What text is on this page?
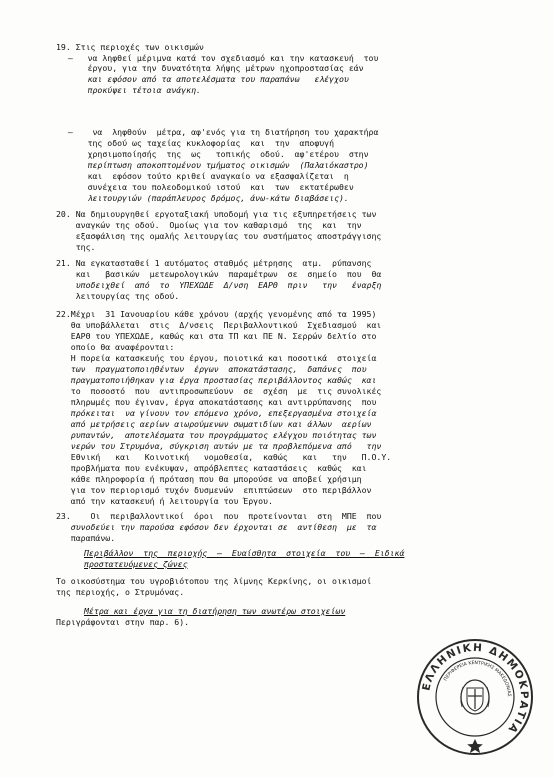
19. Στις περιοχές των οικισμών
–   να ληφθεί μέριμνα κατά τον σχεδιασμό και την κατασκευή  του
έργου, για την δυνατότητα λήψης μέτρων ηχοπροστασίας εάν
και εφόσον από τα αποτελέσματα του παραπάνω   ελέγχου
προκύψει τέτοια ανάγκη.
–    να  ληφθούν  μέτρα, αφ'ενός για τη διατήρηση του χαρακτήρα
της οδού ως ταχείας κυκλοφορίας  και  την  αποφυγή
χρησιμοποίησής  της  ως   τοπικής  οδού.  αφ'ετέρου  στην
περίπτωση αποκοπτομένου τμήματος οικισμών  (Παλαιόκαστρο)
και  εφόσον τούτο κριθεί αναγκαίο να εξασφαλίζεται  η
συνέχεια του πολεοδομικού ιστού  και  των  εκτατέρωθεν
λειτουργιών (παράπλευρος δρόμος, άνω-κάτω διαβάσεις).
20. Να δημιουργηθεί εργοταξιακή υποδομή για τις εξυπηρετήσεις των
αναγκών της οδού.  Ομοίως για τον καθαρισμό  της  και  την
εξασφάλιση της ομαλής λειτουργίας του συστήματος αποστράγγισης
της.
21. Να εγκατασταθεί 1 αυτόματος σταθμός μέτρησης  ατμ.  ρύπανσης
και   βασικών  μετεωρολογικών  παραμέτρων  σε  σημείο  που  θα
υποδειχθεί  από  το  ΥΠΕΧΩΔΕ  Δ/νση  ΕΑΡΘ  πριν   την   έναρξη
λειτουργίας της οδού.
22.Μέχρι  31 Ιανουαρίου κάθε χρόνου (αρχής γενομένης από τα 1995)
θα υποβάλλεται  στις  Δ/νσεις  Περιβαλλοντικού  Σχεδιασμού  και
ΕΑΡΘ του ΥΠΕΧΩΔΕ, καθώς και στα ΤΠ και ΠΕ Ν. Σερρών δελτίο στο
οποίο θα αναφέρονται:
Η πορεία κατασκευής του έργου, ποιοτικά και ποσοτικά  στοιχεία
των  πραγματοποιηθέντων  έργων  αποκατάστασης,  δαπάνες  που
πραγματοποιήθηκαν για έργα προστασίας περιβάλλοντος καθώς  και
το  ποσοστό  που  αντιπροσωπεύουν  σε  σχέση  με  τις συνολικές
πληρωμές που έγιναν, έργα αποκατάστασης και αντιρρύπανσης  που
πρόκειται  να γίνουν τον επόμενο χρόνο, επεξεργασμένα στοιχεία
από μετρήσεις αερίων αιωρούμενων σωματιδίων και άλλων  αερίων
ρυπαντών,  αποτελέσματα του προγράμματος ελέγχου ποιότητας των
νερών του Στρυμόνα, σύγκριση αυτών με τα προβλεπόμενα από   την
Εθνική   και   Κοινοτική   νομοθεσία,  καθώς   και   την   Π.Ο.Υ.
προβλήματα που ενέκυψαν, απρόβλεπτες καταστάσεις  καθώς  και
κάθε πληροφορία ή πρόταση που θα μπορούσε να αποβεί χρήσιμη
για τον περιορισμό τυχόν δυσμενών  επιπτώσεων  στο περιβάλλον
από την κατασκευή ή λειτουργία του Έργου.
23.    Οι  περιβαλλοντικοί  όροι  που  προτείνονται  στη  ΜΠΕ  που
συνοδεύει την παρούσα εφόσον δεν έρχονται σε  αντίθεση  με  τα
παραπάνω.
Περιβάλλον  της  περιοχής  –  Ευαίσθητα  στοιχεία  του  –  Ειδικά
προστατευόμενες ζώνες
Το οικοσύστημα του υγροβιότοπου της λίμνης Κερκίνης, οι οικισμοί
της περιοχής, ο Στρυμόνας.
Μέτρα και έργα για τη διατήρηση των ανωτέρω στοιχείων
Περιγράφονται στην παρ. 6).
ΕΛΛΗΝΙΚΗ ΔΗΜΟΚΡΑΤΙΑ
ΠΕΡΙΦΕΡΕΙΑ ΚΕΝΤΡΙΚΗΣ ΜΑΚΕΔΟΝΙΑΣ
